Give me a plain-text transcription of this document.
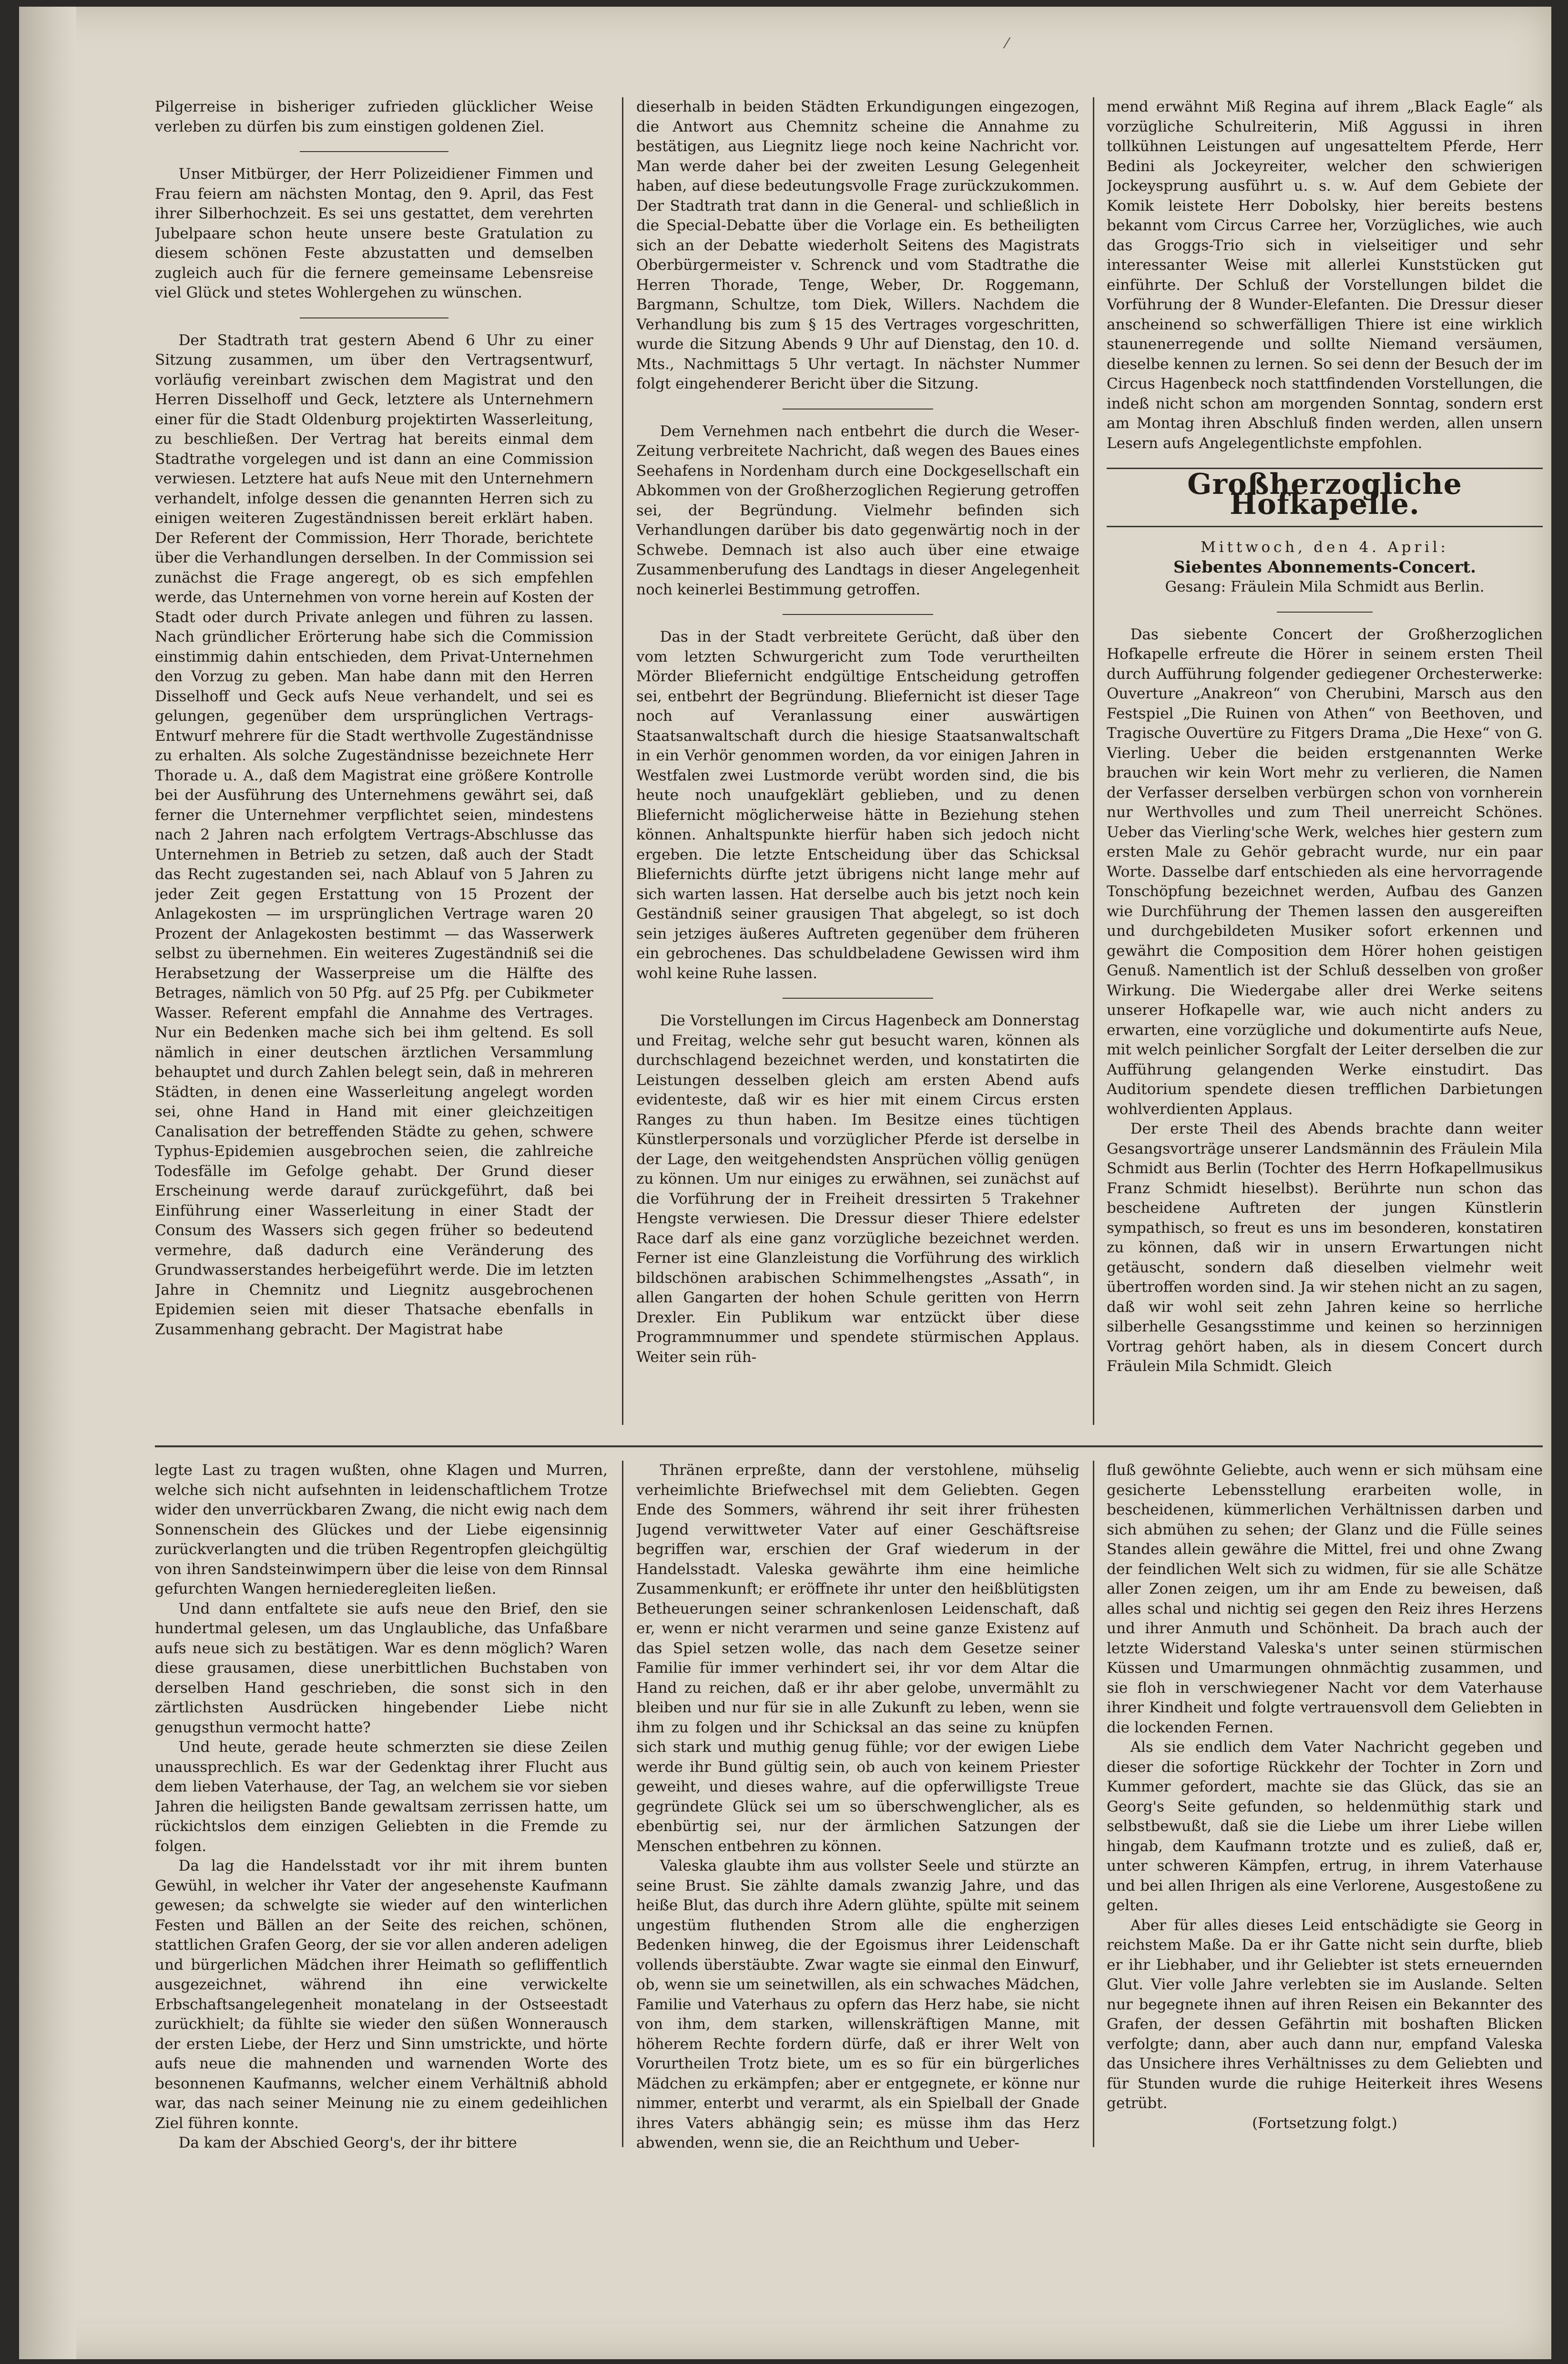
⁄

Pilgerreise in bisheriger zufrieden glücklicher Weise verleben zu dürfen bis zum einstigen goldenen Ziel.

Unser Mitbürger, der Herr Polizeidiener Fimmen und Frau feiern am nächsten Montag, den 9. April, das Fest ihrer Silberhochzeit. Es sei uns gestattet, dem verehrten Jubelpaare schon heute unsere beste Gratulation zu diesem schönen Feste abzustatten und demselben zugleich auch für die fernere gemeinsame Lebensreise viel Glück und stetes Wohlergehen zu wünschen.

Der Stadtrath trat gestern Abend 6 Uhr zu einer Sitzung zusammen, um über den Vertragsentwurf, vorläufig vereinbart zwischen dem Magistrat und den Herren Disselhoff und Geck, letztere als Unternehmern einer für die Stadt Oldenburg projektirten Wasserleitung, zu beschließen. Der Vertrag hat bereits einmal dem Stadtrathe vorgelegen und ist dann an eine Commission verwiesen. Letztere hat aufs Neue mit den Unternehmern verhandelt, infolge dessen die genannten Herren sich zu einigen weiteren Zugeständnissen bereit erklärt haben. Der Referent der Commission, Herr Thorade, berichtete über die Verhandlungen derselben. In der Commission sei zunächst die Frage angeregt, ob es sich empfehlen werde, das Unternehmen von vorne herein auf Kosten der Stadt oder durch Private anlegen und führen zu lassen. Nach gründlicher Erörterung habe sich die Commission einstimmig dahin entschieden, dem Privat-Unternehmen den Vorzug zu geben. Man habe dann mit den Herren Disselhoff und Geck aufs Neue verhandelt, und sei es gelungen, gegenüber dem ursprünglichen Vertrags-Entwurf mehrere für die Stadt werthvolle Zugeständnisse zu erhalten. Als solche Zugeständnisse bezeichnete Herr Thorade u. A., daß dem Magistrat eine größere Kontrolle bei der Ausführung des Unternehmens gewährt sei, daß ferner die Unternehmer verpflichtet seien, mindestens nach 2 Jahren nach erfolgtem Vertrags-Abschlusse das Unternehmen in Betrieb zu setzen, daß auch der Stadt das Recht zugestanden sei, nach Ablauf von 5 Jahren zu jeder Zeit gegen Erstattung von 15 Prozent der Anlagekosten — im ursprünglichen Vertrage waren 20 Prozent der Anlagekosten bestimmt — das Wasserwerk selbst zu übernehmen. Ein weiteres Zugeständniß sei die Herabsetzung der Wasserpreise um die Hälfte des Betrages, nämlich von 50 Pfg. auf 25 Pfg. per Cubikmeter Wasser. Referent empfahl die Annahme des Vertrages. Nur ein Bedenken mache sich bei ihm geltend. Es soll nämlich in einer deutschen ärztlichen Versammlung behauptet und durch Zahlen belegt sein, daß in mehreren Städten, in denen eine Wasserleitung angelegt worden sei, ohne Hand in Hand mit einer gleichzeitigen Canalisation der betreffenden Städte zu gehen, schwere Typhus-Epidemien ausgebrochen seien, die zahlreiche Todesfälle im Gefolge gehabt. Der Grund dieser Erscheinung werde darauf zurückgeführt, daß bei Einführung einer Wasserleitung in einer Stadt der Consum des Wassers sich gegen früher so bedeutend vermehre, daß dadurch eine Veränderung des Grundwasserstandes herbeigeführt werde. Die im letzten Jahre in Chemnitz und Liegnitz ausgebrochenen Epidemien seien mit dieser Thatsache ebenfalls in Zusammenhang gebracht. Der Magistrat habe

dieserhalb in beiden Städten Erkundigungen eingezogen, die Antwort aus Chemnitz scheine die Annahme zu bestätigen, aus Liegnitz liege noch keine Nachricht vor. Man werde daher bei der zweiten Lesung Gelegenheit haben, auf diese bedeutungsvolle Frage zurückzukommen. Der Stadtrath trat dann in die General- und schließlich in die Special-Debatte über die Vorlage ein. Es betheiligten sich an der Debatte wiederholt Seitens des Magistrats Oberbürgermeister v. Schrenck und vom Stadtrathe die Herren Thorade, Tenge, Weber, Dr. Roggemann, Bargmann, Schultze, tom Diek, Willers. Nachdem die Verhandlung bis zum § 15 des Vertrages vorgeschritten, wurde die Sitzung Abends 9 Uhr auf Dienstag, den 10. d. Mts., Nachmittags 5 Uhr vertagt. In nächster Nummer folgt eingehenderer Bericht über die Sitzung.

Dem Vernehmen nach entbehrt die durch die Weser-Zeitung verbreitete Nachricht, daß wegen des Baues eines Seehafens in Nordenham durch eine Dockgesellschaft ein Abkommen von der Großherzoglichen Regierung getroffen sei, der Begründung. Vielmehr befinden sich Verhandlungen darüber bis dato gegenwärtig noch in der Schwebe. Demnach ist also auch über eine etwaige Zusammenberufung des Landtags in dieser Angelegenheit noch keinerlei Bestimmung getroffen.

Das in der Stadt verbreitete Gerücht, daß über den vom letzten Schwurgericht zum Tode verurtheilten Mörder Bliefernicht endgültige Entscheidung getroffen sei, entbehrt der Begründung. Bliefernicht ist dieser Tage noch auf Veranlassung einer auswärtigen Staatsanwaltschaft durch die hiesige Staatsanwaltschaft in ein Verhör genommen worden, da vor einigen Jahren in Westfalen zwei Lustmorde verübt worden sind, die bis heute noch unaufgeklärt geblieben, und zu denen Bliefernicht möglicherweise hätte in Beziehung stehen können. Anhaltspunkte hierfür haben sich jedoch nicht ergeben. Die letzte Entscheidung über das Schicksal Bliefernichts dürfte jetzt übrigens nicht lange mehr auf sich warten lassen. Hat derselbe auch bis jetzt noch kein Geständniß seiner grausigen That abgelegt, so ist doch sein jetziges äußeres Auftreten gegenüber dem früheren ein gebrochenes. Das schuldbeladene Gewissen wird ihm wohl keine Ruhe lassen.

Die Vorstellungen im Circus Hagenbeck am Donnerstag und Freitag, welche sehr gut besucht waren, können als durchschlagend bezeichnet werden, und konstatirten die Leistungen desselben gleich am ersten Abend aufs evidenteste, daß wir es hier mit einem Circus ersten Ranges zu thun haben. Im Besitze eines tüchtigen Künstlerpersonals und vorzüglicher Pferde ist derselbe in der Lage, den weitgehendsten Ansprüchen völlig genügen zu können. Um nur einiges zu erwähnen, sei zunächst auf die Vorführung der in Freiheit dressirten 5 Trakehner Hengste verwiesen. Die Dressur dieser Thiere edelster Race darf als eine ganz vorzügliche bezeichnet werden. Ferner ist eine Glanzleistung die Vorführung des wirklich bildschönen arabischen Schimmelhengstes „Assath“, in allen Gangarten der hohen Schule geritten von Herrn Drexler. Ein Publikum war entzückt über diese Programmnummer und spendete stürmischen Applaus. Weiter sein rüh-

mend erwähnt Miß Regina auf ihrem „Black Eagle“ als vorzügliche Schulreiterin, Miß Aggussi in ihren tollkühnen Leistungen auf ungesatteltem Pferde, Herr Bedini als Jockeyreiter, welcher den schwierigen Jockeysprung ausführt u. s. w. Auf dem Gebiete der Komik leistete Herr Dobolsky, hier bereits bestens bekannt vom Circus Carree her, Vorzügliches, wie auch das Groggs-Trio sich in vielseitiger und sehr interessanter Weise mit allerlei Kunststücken gut einführte. Der Schluß der Vorstellungen bildet die Vorführung der 8 Wunder-Elefanten. Die Dressur dieser anscheinend so schwerfälligen Thiere ist eine wirklich staunenerregende und sollte Niemand versäumen, dieselbe kennen zu lernen. So sei denn der Besuch der im Circus Hagenbeck noch stattfindenden Vorstellungen, die indeß nicht schon am morgenden Sonntag, sondern erst am Montag ihren Abschluß finden werden, allen unsern Lesern aufs Angelegentlichste empfohlen.

Großherzogliche Hofkapelle.

Mittwoch, den 4. April:

Siebentes Abonnements-Concert.

Gesang: Fräulein Mila Schmidt aus Berlin.

Das siebente Concert der Großherzoglichen Hofkapelle erfreute die Hörer in seinem ersten Theil durch Aufführung folgender gediegener Orchesterwerke: Ouverture „Anakreon“ von Cherubini, Marsch aus den Festspiel „Die Ruinen von Athen“ von Beethoven, und Tragische Ouvertüre zu Fitgers Drama „Die Hexe“ von G. Vierling. Ueber die beiden erstgenannten Werke brauchen wir kein Wort mehr zu verlieren, die Namen der Verfasser derselben verbürgen schon von vornherein nur Werthvolles und zum Theil unerreicht Schönes. Ueber das Vierling'sche Werk, welches hier gestern zum ersten Male zu Gehör gebracht wurde, nur ein paar Worte. Dasselbe darf entschieden als eine hervorragende Tonschöpfung bezeichnet werden, Aufbau des Ganzen wie Durchführung der Themen lassen den ausgereiften und durchgebildeten Musiker sofort erkennen und gewährt die Composition dem Hörer hohen geistigen Genuß. Namentlich ist der Schluß desselben von großer Wirkung. Die Wiedergabe aller drei Werke seitens unserer Hofkapelle war, wie auch nicht anders zu erwarten, eine vorzügliche und dokumentirte aufs Neue, mit welch peinlicher Sorgfalt der Leiter derselben die zur Aufführung gelangenden Werke einstudirt. Das Auditorium spendete diesen trefflichen Darbietungen wohlverdienten Applaus.

Der erste Theil des Abends brachte dann weiter Gesangsvorträge unserer Landsmännin des Fräulein Mila Schmidt aus Berlin (Tochter des Herrn Hofkapellmusikus Franz Schmidt hieselbst). Berührte nun schon das bescheidene Auftreten der jungen Künstlerin sympathisch, so freut es uns im besonderen, konstatiren zu können, daß wir in unsern Erwartungen nicht getäuscht, sondern daß dieselben vielmehr weit übertroffen worden sind. Ja wir stehen nicht an zu sagen, daß wir wohl seit zehn Jahren keine so herrliche silberhelle Gesangsstimme und keinen so herzinnigen Vortrag gehört haben, als in diesem Concert durch Fräulein Mila Schmidt. Gleich

legte Last zu tragen wußten, ohne Klagen und Murren, welche sich nicht aufsehnten in leidenschaftlichem Trotze wider den unverrückbaren Zwang, die nicht ewig nach dem Sonnenschein des Glückes und der Liebe eigensinnig zurückverlangten und die trüben Regentropfen gleichgültig von ihren Sandsteinwimpern über die leise von dem Rinnsal gefurchten Wangen herniederegleiten ließen.

Und dann entfaltete sie aufs neue den Brief, den sie hundertmal gelesen, um das Unglaubliche, das Unfaßbare aufs neue sich zu bestätigen. War es denn möglich? Waren diese grausamen, diese unerbittlichen Buchstaben von derselben Hand geschrieben, die sonst sich in den zärtlichsten Ausdrücken hingebender Liebe nicht genugsthun vermocht hatte?

Und heute, gerade heute schmerzten sie diese Zeilen unaussprechlich. Es war der Gedenktag ihrer Flucht aus dem lieben Vaterhause, der Tag, an welchem sie vor sieben Jahren die heiligsten Bande gewaltsam zerrissen hatte, um rückichtslos dem einzigen Geliebten in die Fremde zu folgen.

Da lag die Handelsstadt vor ihr mit ihrem bunten Gewühl, in welcher ihr Vater der angesehenste Kaufmann gewesen; da schwelgte sie wieder auf den winterlichen Festen und Bällen an der Seite des reichen, schönen, stattlichen Grafen Georg, der sie vor allen anderen adeligen und bürgerlichen Mädchen ihrer Heimath so gefliffentlich ausgezeichnet, während ihn eine verwickelte Erbschaftsangelegenheit monatelang in der Ostseestadt zurückhielt; da fühlte sie wieder den süßen Wonnerausch der ersten Liebe, der Herz und Sinn umstrickte, und hörte aufs neue die mahnenden und warnenden Worte des besonnenen Kaufmanns, welcher einem Verhältniß abhold war, das nach seiner Meinung nie zu einem gedeihlichen Ziel führen konnte.

Da kam der Abschied Georg's, der ihr bittere

Thränen erpreßte, dann der verstohlene, mühselig verheimlichte Briefwechsel mit dem Geliebten. Gegen Ende des Sommers, während ihr seit ihrer frühesten Jugend verwittweter Vater auf einer Geschäftsreise begriffen war, erschien der Graf wiederum in der Handelsstadt. Valeska gewährte ihm eine heimliche Zusammenkunft; er eröffnete ihr unter den heißblütigsten Betheuerungen seiner schrankenlosen Leidenschaft, daß er, wenn er nicht verarmen und seine ganze Existenz auf das Spiel setzen wolle, das nach dem Gesetze seiner Familie für immer verhindert sei, ihr vor dem Altar die Hand zu reichen, daß er ihr aber gelobe, unvermählt zu bleiben und nur für sie in alle Zukunft zu leben, wenn sie ihm zu folgen und ihr Schicksal an das seine zu knüpfen sich stark und muthig genug fühle; vor der ewigen Liebe werde ihr Bund gültig sein, ob auch von keinem Priester geweiht, und dieses wahre, auf die opferwilligste Treue gegründete Glück sei um so überschwenglicher, als es ebenbürtig sei, nur der ärmlichen Satzungen der Menschen entbehren zu können.

Valeska glaubte ihm aus vollster Seele und stürzte an seine Brust. Sie zählte damals zwanzig Jahre, und das heiße Blut, das durch ihre Adern glühte, spülte mit seinem ungestüm fluthenden Strom alle die engherzigen Bedenken hinweg, die der Egoismus ihrer Leidenschaft vollends überstäubte. Zwar wagte sie einmal den Einwurf, ob, wenn sie um seinetwillen, als ein schwaches Mädchen, Familie und Vaterhaus zu opfern das Herz habe, sie nicht von ihm, dem starken, willenskräftigen Manne, mit höherem Rechte fordern dürfe, daß er ihrer Welt von Vorurtheilen Trotz biete, um es so für ein bürgerliches Mädchen zu erkämpfen; aber er entgegnete, er könne nur nimmer, enterbt und verarmt, als ein Spielball der Gnade ihres Vaters abhängig sein; es müsse ihm das Herz abwenden, wenn sie, die an Reichthum und Ueber-

fluß gewöhnte Geliebte, auch wenn er sich mühsam eine gesicherte Lebensstellung erarbeiten wolle, in bescheidenen, kümmerlichen Verhältnissen darben und sich abmühen zu sehen; der Glanz und die Fülle seines Standes allein gewähre die Mittel, frei und ohne Zwang der feindlichen Welt sich zu widmen, für sie alle Schätze aller Zonen zeigen, um ihr am Ende zu beweisen, daß alles schal und nichtig sei gegen den Reiz ihres Herzens und ihrer Anmuth und Schönheit. Da brach auch der letzte Widerstand Valeska's unter seinen stürmischen Küssen und Umarmungen ohnmächtig zusammen, und sie floh in verschwiegener Nacht vor dem Vaterhause ihrer Kindheit und folgte vertrauensvoll dem Geliebten in die lockenden Fernen.

Als sie endlich dem Vater Nachricht gegeben und dieser die sofortige Rückkehr der Tochter in Zorn und Kummer gefordert, machte sie das Glück, das sie an Georg's Seite gefunden, so heldenmüthig stark und selbstbewußt, daß sie die Liebe um ihrer Liebe willen hingab, dem Kaufmann trotzte und es zuließ, daß er, unter schweren Kämpfen, ertrug, in ihrem Vaterhause und bei allen Ihrigen als eine Verlorene, Ausgestoßene zu gelten.

Aber für alles dieses Leid entschädigte sie Georg in reichstem Maße. Da er ihr Gatte nicht sein durfte, blieb er ihr Liebhaber, und ihr Geliebter ist stets erneuernden Glut. Vier volle Jahre verlebten sie im Auslande. Selten nur begegnete ihnen auf ihren Reisen ein Bekannter des Grafen, der dessen Gefährtin mit boshaften Blicken verfolgte; dann, aber auch dann nur, empfand Valeska das Unsichere ihres Verhältnisses zu dem Geliebten und für Stunden wurde die ruhige Heiterkeit ihres Wesens getrübt.

(Fortsetzung folgt.)
